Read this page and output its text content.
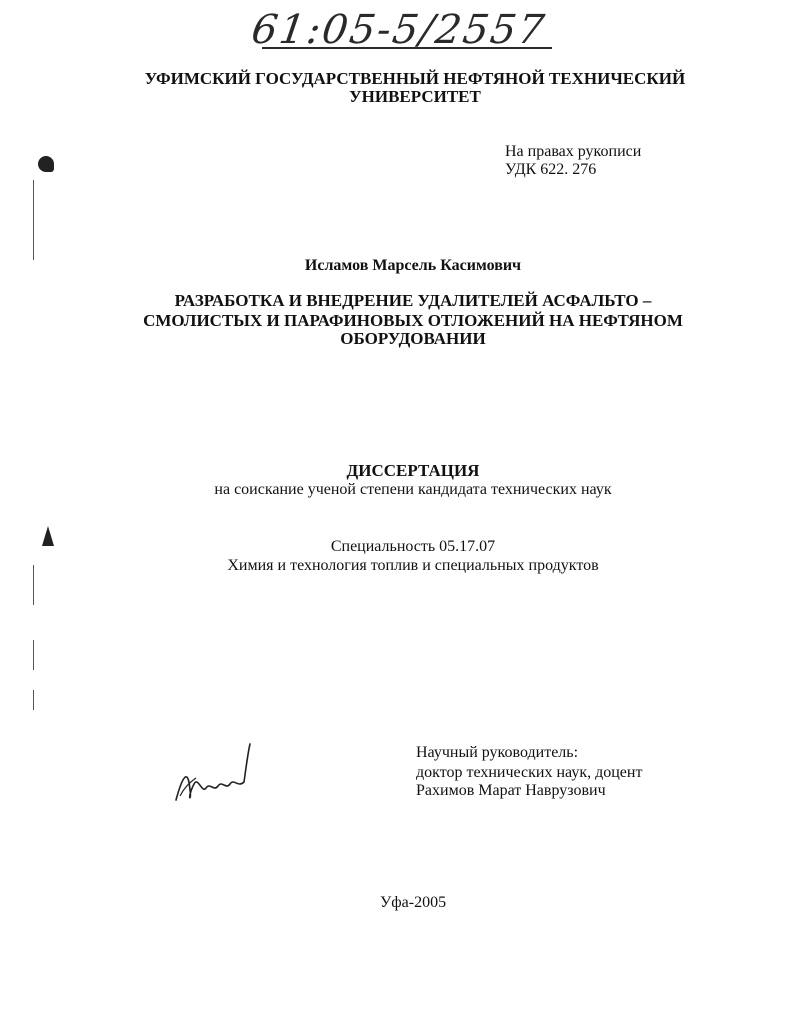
61:05-5/2557
УФИМСКИЙ ГОСУДАРСТВЕННЫЙ НЕФТЯНОЙ ТЕХНИЧЕСКИЙ
УНИВЕРСИТЕТ
На правах рукописи
УДК 622. 276
Исламов Марсель Касимович
РАЗРАБОТКА И ВНЕДРЕНИЕ УДАЛИТЕЛЕЙ АСФАЛЬТО –
СМОЛИСТЫХ И ПАРАФИНОВЫХ ОТЛОЖЕНИЙ НА НЕФТЯНОМ
ОБОРУДОВАНИИ
ДИССЕРТАЦИЯ
на соискание ученой степени кандидата технических наук
Специальность 05.17.07
Химия и технология топлив и специальных продуктов
Научный руководитель:
доктор технических наук, доцент
Рахимов Марат Наврузович
Уфа-2005
